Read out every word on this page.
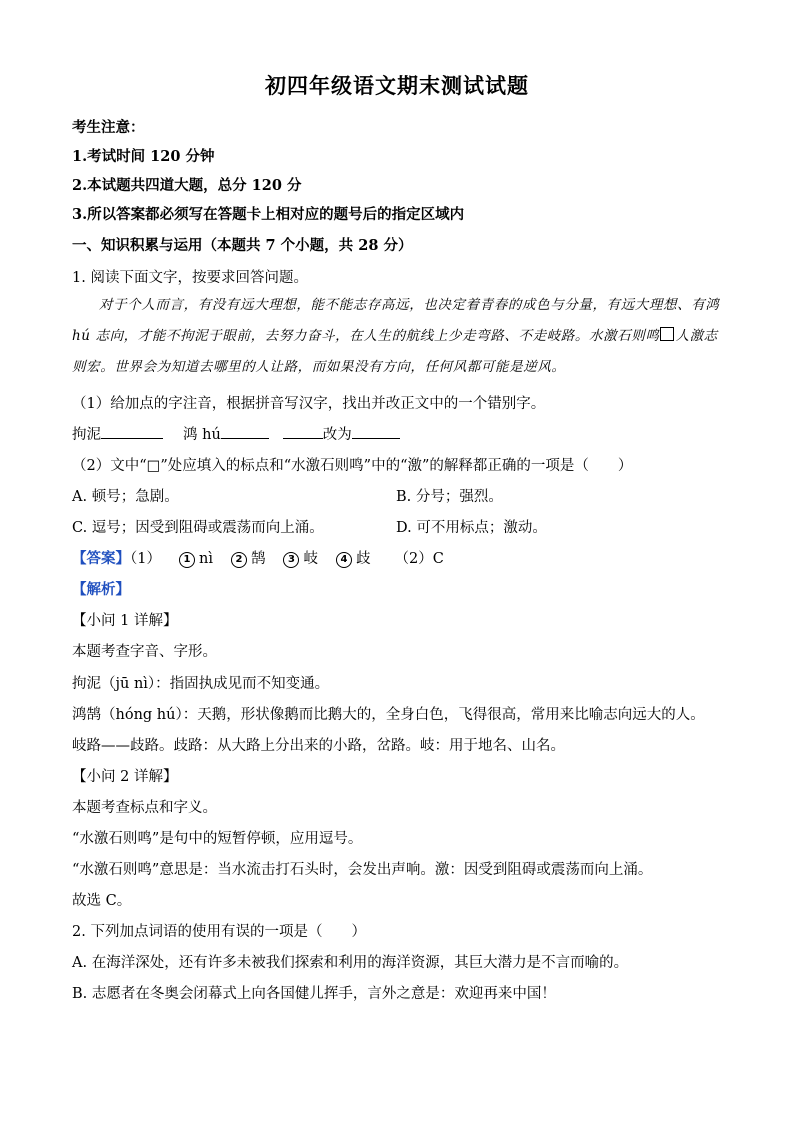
初四年级语文期末测试试题
考生注意：
1.考试时间 120 分钟
2.本试题共四道大题，总分 120 分
3.所以答案都必须写在答题卡上相对应的题号后的指定区域内
一、知识积累与运用（本题共 7 个小题，共 28 分）
1. 阅读下面文字，按要求回答问题。
对于个人而言，有没有远大理想，能不能志存高远，也决定着青春的成色与分量，有远大理想、有鸿 hú 志向，才能不拘泥于眼前，去努力奋斗，在人生的航线上少走弯路、不走岐路。水激石则鸣 人激志则宏。世界会为知道去哪里的人让路，而如果没有方向，任何风都可能是逆风。
（1）给加点的字注音，根据拼音写汉字，找出并改正文中的一个错别字。
拘泥	鸿 hú	改为
（2）文中“□”处应填入的标点和“水激石则鸣”中的“激”的解释都正确的一项是（　　）
A. 顿号；急剧。	B. 分号；强烈。
C. 逗号；因受到阻碍或震荡而向上涌。	D. 可不用标点；激动。
【答案】（1） 1 nì 2 鹄 3 岐 4 歧 （2）C
【解析】
【小问 1 详解】
本题考查字音、字形。
拘泥（jū nì）：指固执成见而不知变通。
鸿鹄（hóng hú）：天鹅，形状像鹅而比鹅大的，全身白色，飞得很高，常用来比喻志向远大的人。
岐路——歧路。歧路：从大路上分出来的小路，岔路。岐：用于地名、山名。
【小问 2 详解】
本题考查标点和字义。
“水激石则鸣”是句中的短暂停顿，应用逗号。
“水激石则鸣”意思是：当水流击打石头时，会发出声响。激：因受到阻碍或震荡而向上涌。
故选 C。
2. 下列加点词语的使用有误的一项是（　　）
A. 在海洋深处，还有许多未被我们探索和利用的海洋资源，其巨大潜力是不言而喻的。
B. 志愿者在冬奥会闭幕式上向各国健儿挥手，言外之意是：欢迎再来中国！
